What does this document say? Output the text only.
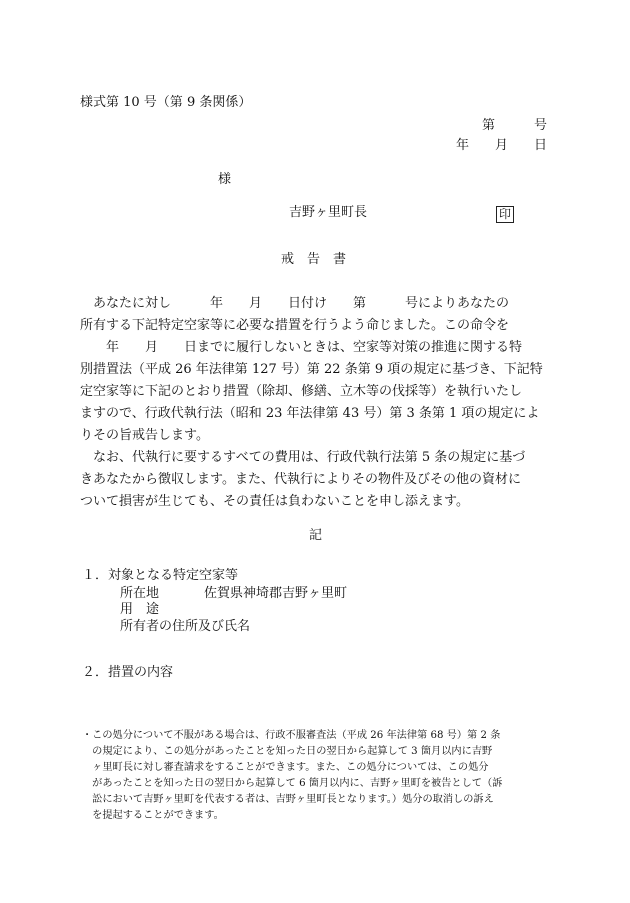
様式第 10 号（第 9 条関係）
第　　　号
年　　月　　日
様
吉野ヶ里町長	印
戒　告　書
　あなたに対し　　　年　　月　　日付け　　第　　　号によりあなたの
所有する下記特定空家等に必要な措置を行うよう命じました。この命令を
　　年　　月　　日までに履行しないときは、空家等対策の推進に関する特
別措置法（平成 26 年法律第 127 号）第 22 条第 9 項の規定に基づき、下記特
定空家等に下記のとおり措置（除却、修繕、立木等の伐採等）を執行いたし
ますので、行政代執行法（昭和 23 年法律第 43 号）第 3 条第 1 項の規定によ
りその旨戒告します。
　なお、代執行に要するすべての費用は、行政代執行法第 5 条の規定に基づ
きあなたから徴収します。また、代執行によりその物件及びその他の資材に
ついて損害が生じても、その責任は負わないことを申し添えます。
記
１．対象となる特定空家等
所在地	佐賀県神埼郡吉野ヶ里町
用　途
所有者の住所及び氏名
２．措置の内容
・この処分について不服がある場合は、行政不服審査法（平成 26 年法律第 68 号）第 2 条
　の規定により、この処分があったことを知った日の翌日から起算して 3 箇月以内に吉野
　ヶ里町長に対し審査請求をすることができます。また、この処分については、この処分
　があったことを知った日の翌日から起算して 6 箇月以内に、吉野ヶ里町を被告として（訴
　訟において吉野ヶ里町を代表する者は、吉野ヶ里町長となります。）処分の取消しの訴え
　を提起することができます。
